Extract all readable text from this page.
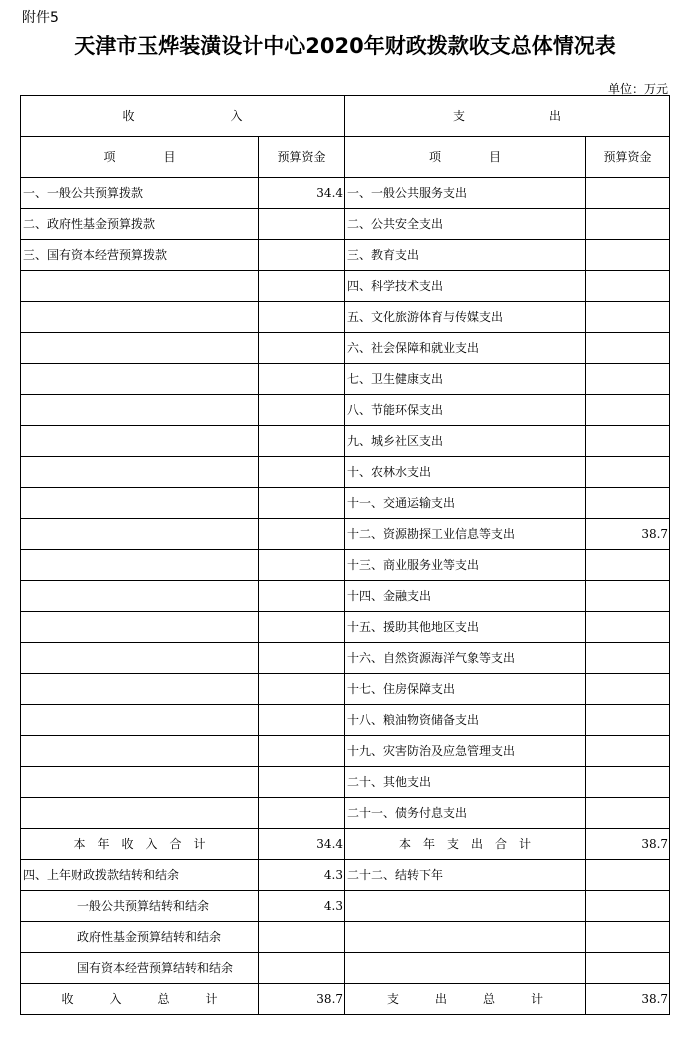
附件5
天津市玉烨装潢设计中心2020年财政拨款收支总体情况表
单位：万元
收　　　　　　　　入		支　　　　　　　出	
项　　　　目	预算资金	项　　　　目	预算资金
一、一般公共预算拨款	34.4	一、一般公共服务支出	
二、政府性基金预算拨款		二、公共安全支出	
三、国有资本经营预算拨款		三、教育支出	
		四、科学技术支出	
		五、文化旅游体育与传媒支出	
		六、社会保障和就业支出	
		七、卫生健康支出	
		八、节能环保支出	
		九、城乡社区支出	
		十、农林水支出	
		十一、交通运输支出	
		十二、资源勘探工业信息等支出	38.7
		十三、商业服务业等支出	
		十四、金融支出	
		十五、援助其他地区支出	
		十六、自然资源海洋气象等支出	
		十七、住房保障支出	
		十八、粮油物资储备支出	
		十九、灾害防治及应急管理支出	
		二十、其他支出	
		二十一、债务付息支出	
本　年　收　入　合　计	34.4	本　年　支　出　合　计	38.7
四、上年财政拨款结转和结余	4.3	二十二、结转下年	
一般公共预算结转和结余	4.3		
政府性基金预算结转和结余			
国有资本经营预算结转和结余			
收　　　入　　　总　　　计	38.7	支　　　出　　　总　　　计	38.7
